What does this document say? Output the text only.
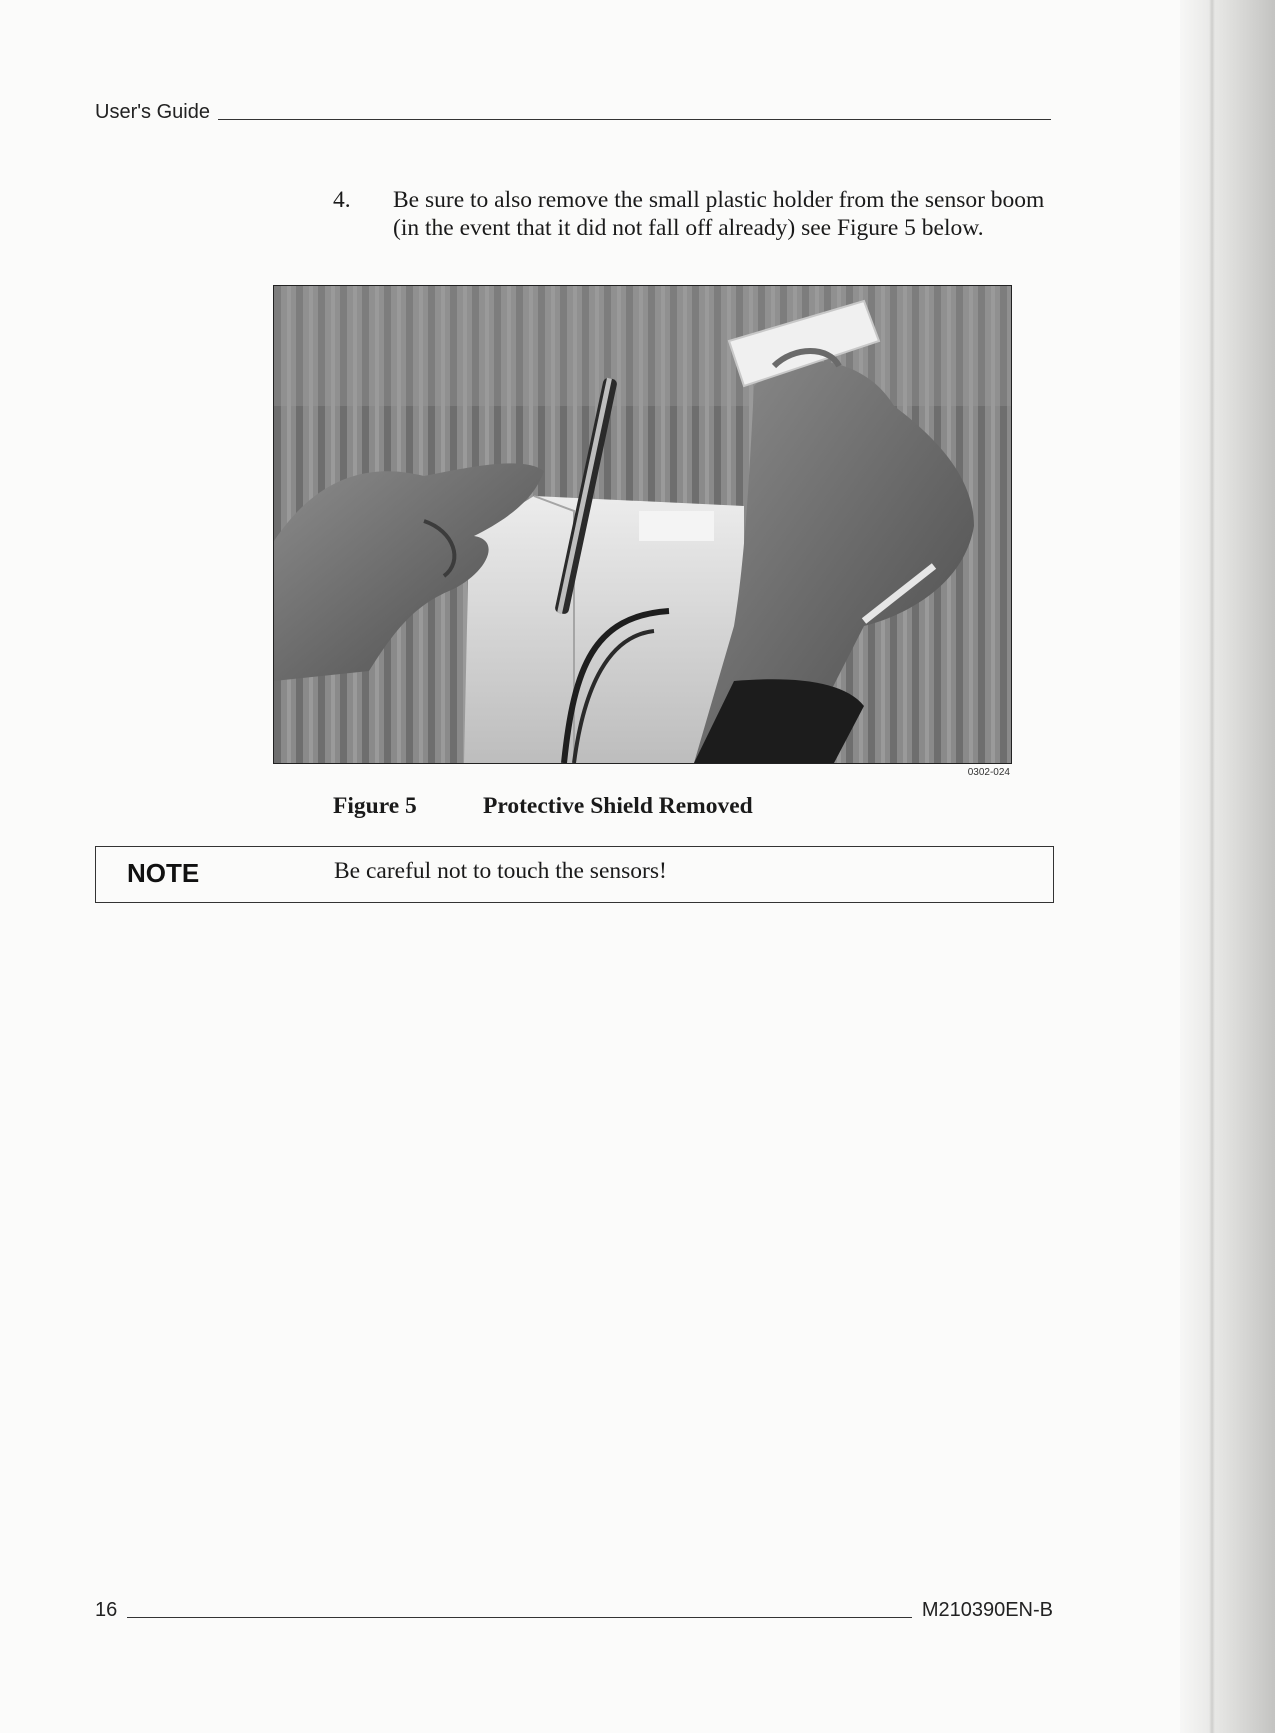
User's Guide
4. Be sure to also remove the small plastic holder from the sensor boom (in the event that it did not fall off already) see Figure 5 below.
0302-024
Figure 5	Protective Shield Removed
NOTE	Be careful not to touch the sensors!
16	M210390EN-B
